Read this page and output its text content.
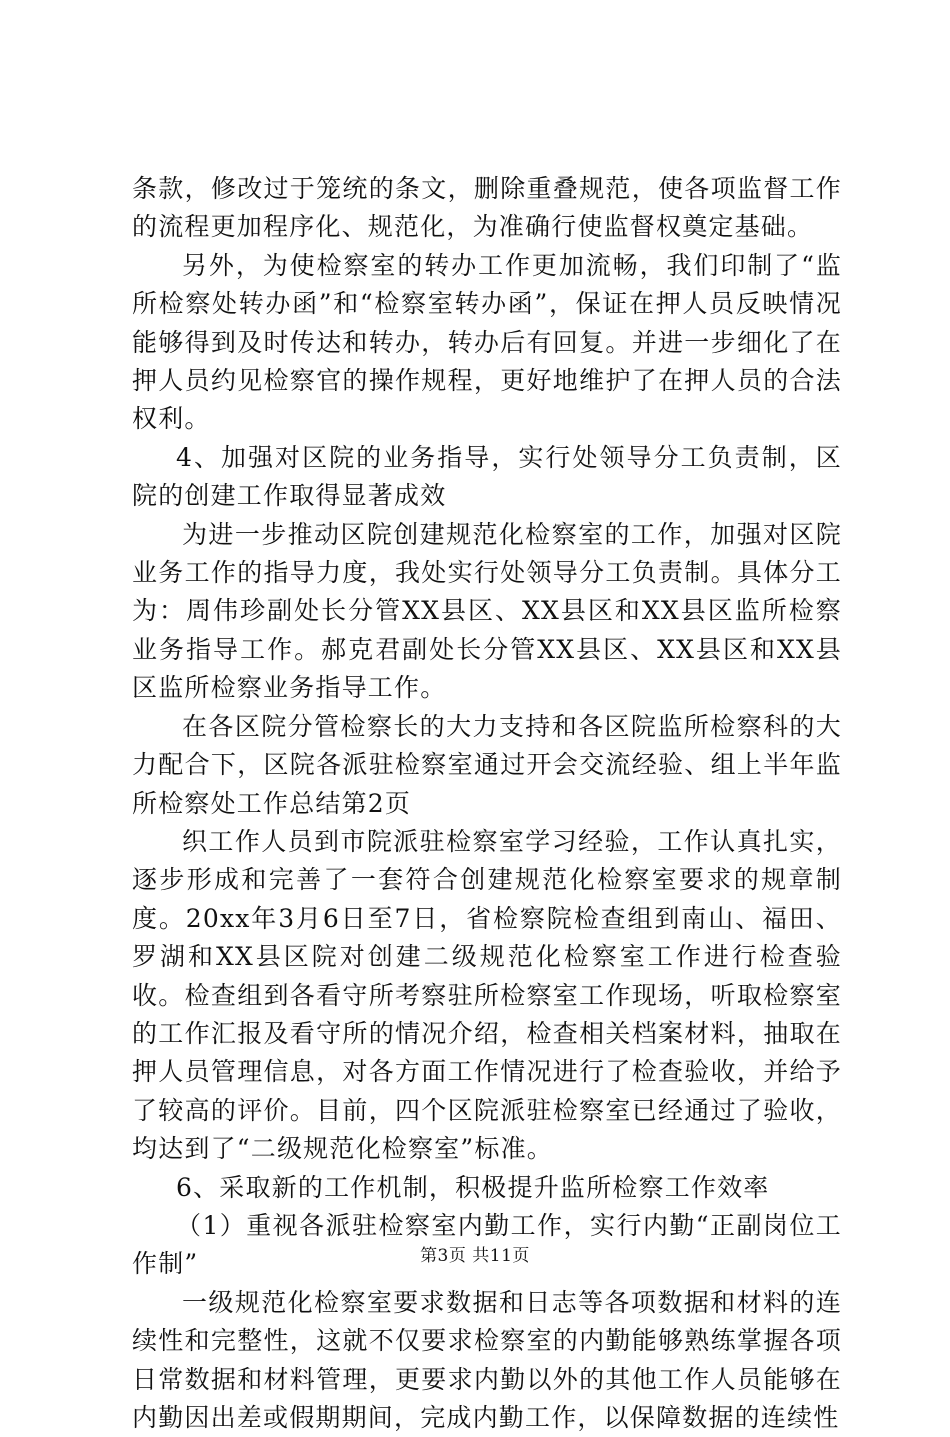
条款，修改过于笼统的条文，删除重叠规范，使各项监督工作的流程更加程序化、规范化，为准确行使监督权奠定基础。

另外，为使检察室的转办工作更加流畅，我们印制了“监所检察处转办函”和“检察室转办函”，保证在押人员反映情况能够得到及时传达和转办，转办后有回复。并进一步细化了在押人员约见检察官的操作规程，更好地维护了在押人员的合法权利。

4、加强对区院的业务指导，实行处领导分工负责制，区院的创建工作取得显著成效

为进一步推动区院创建规范化检察室的工作，加强对区院业务工作的指导力度，我处实行处领导分工负责制。具体分工为：周伟珍副处长分管XX县区、XX县区和XX县区监所检察业务指导工作。郝克君副处长分管XX县区、XX县区和XX县区监所检察业务指导工作。

在各区院分管检察长的大力支持和各区院监所检察科的大力配合下，区院各派驻检察室通过开会交流经验、组上半年监所检察处工作总结第2页

织工作人员到市院派驻检察室学习经验，工作认真扎实，逐步形成和完善了一套符合创建规范化检察室要求的规章制度。20xx年3月6日至7日，省检察院检查组到南山、福田、罗湖和XX县区院对创建二级规范化检察室工作进行检查验收。检查组到各看守所考察驻所检察室工作现场，听取检察室的工作汇报及看守所的情况介绍，检查相关档案材料，抽取在押人员管理信息，对各方面工作情况进行了检查验收，并给予了较高的评价。目前，四个区院派驻检察室已经通过了验收，均达到了“二级规范化检察室”标准。

6、采取新的工作机制，积极提升监所检察工作效率

（1）重视各派驻检察室内勤工作，实行内勤“正副岗位工作制”

一级规范化检察室要求数据和日志等各项数据和材料的连续性和完整性，这就不仅要求检察室的内勤能够熟练掌握各项日常数据和材料管理，更要求内勤以外的其他工作人员能够在内勤因出差或假期期间，完成内勤工作，以保障数据的连续性

第3页 共11页
